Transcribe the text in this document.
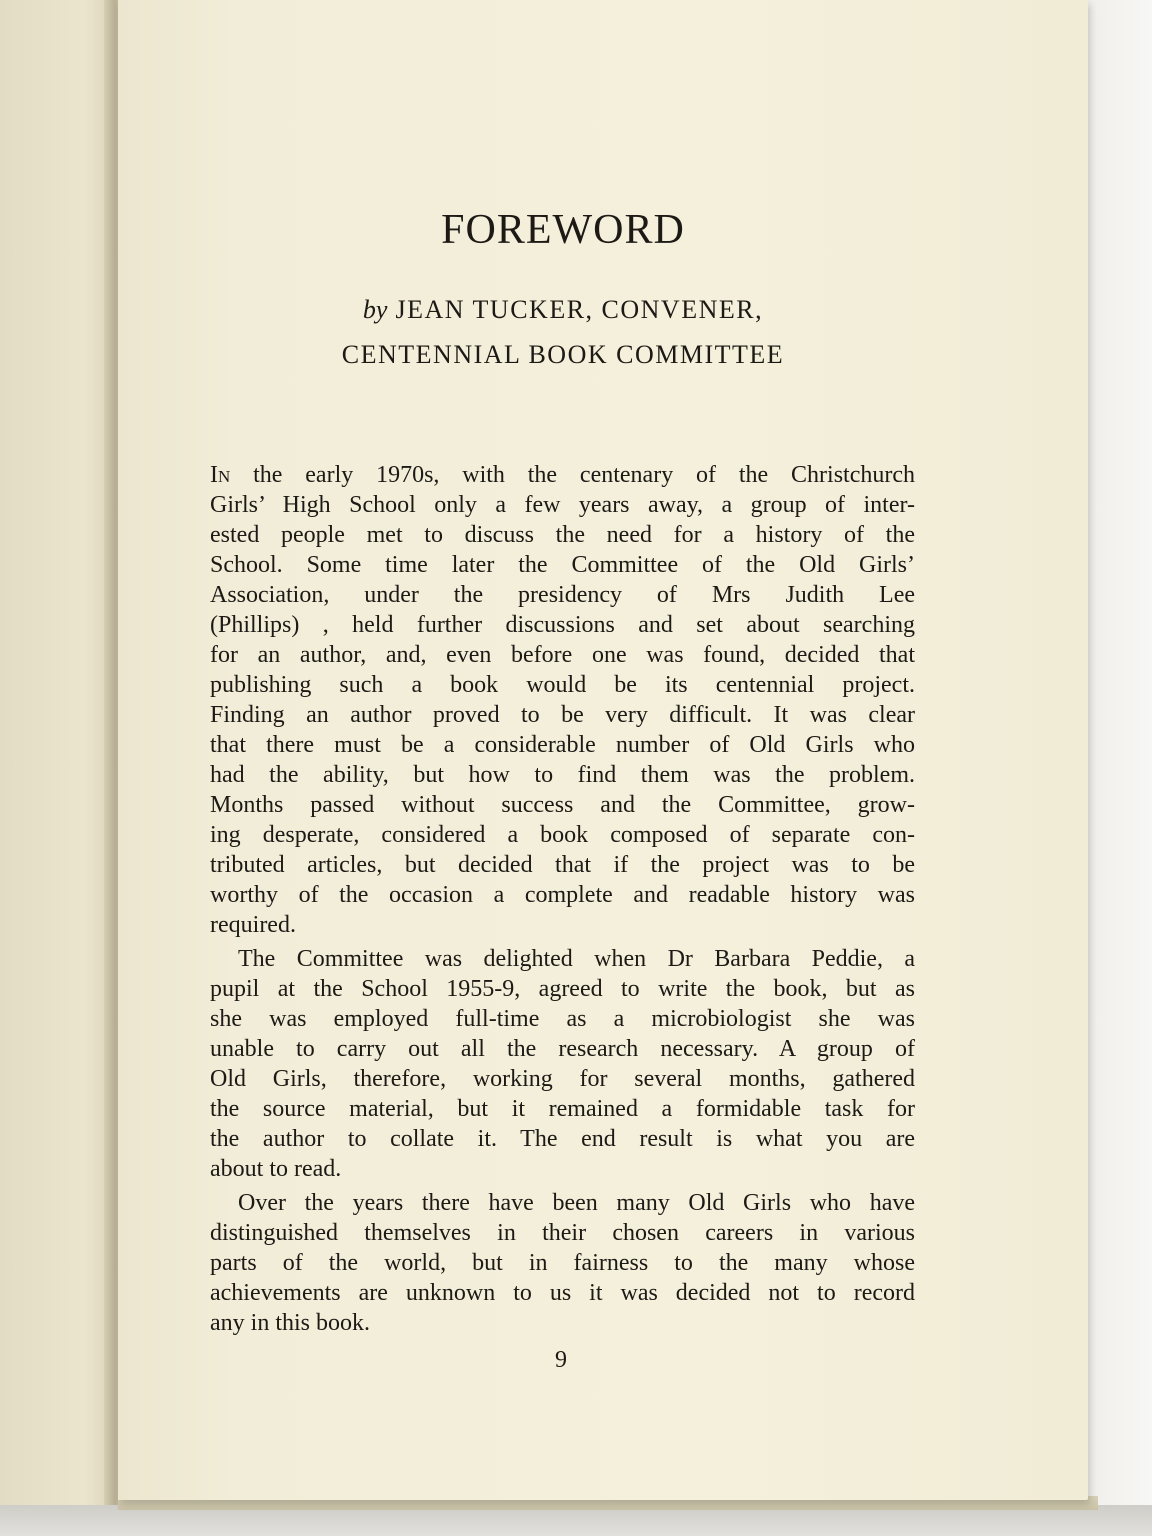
FOREWORD
by JEAN TUCKER, CONVENER,
CENTENNIAL BOOK COMMITTEE

In the early 1970s, with the centenary of the Christchurch
Girls’ High School only a few years away, a group of inter-
ested people met to discuss the need for a history of the
School. Some time later the Committee of the Old Girls’
Association, under the presidency of Mrs Judith Lee
(Phillips) , held further discussions and set about searching
for an author, and, even before one was found, decided that
publishing such a book would be its centennial project.
Finding an author proved to be very difficult. It was clear
that there must be a considerable number of Old Girls who
had the ability, but how to find them was the problem.
Months passed without success and the Committee, grow-
ing desperate, considered a book composed of separate con-
tributed articles, but decided that if the project was to be
worthy of the occasion a complete and readable history was
required.

The Committee was delighted when Dr Barbara Peddie, a
pupil at the School 1955-9, agreed to write the book, but as
she was employed full-time as a microbiologist she was
unable to carry out all the research necessary. A group of
Old Girls, therefore, working for several months, gathered
the source material, but it remained a formidable task for
the author to collate it. The end result is what you are
about to read.

Over the years there have been many Old Girls who have
distinguished themselves in their chosen careers in various
parts of the world, but in fairness to the many whose
achievements are unknown to us it was decided not to record
any in this book.

9
